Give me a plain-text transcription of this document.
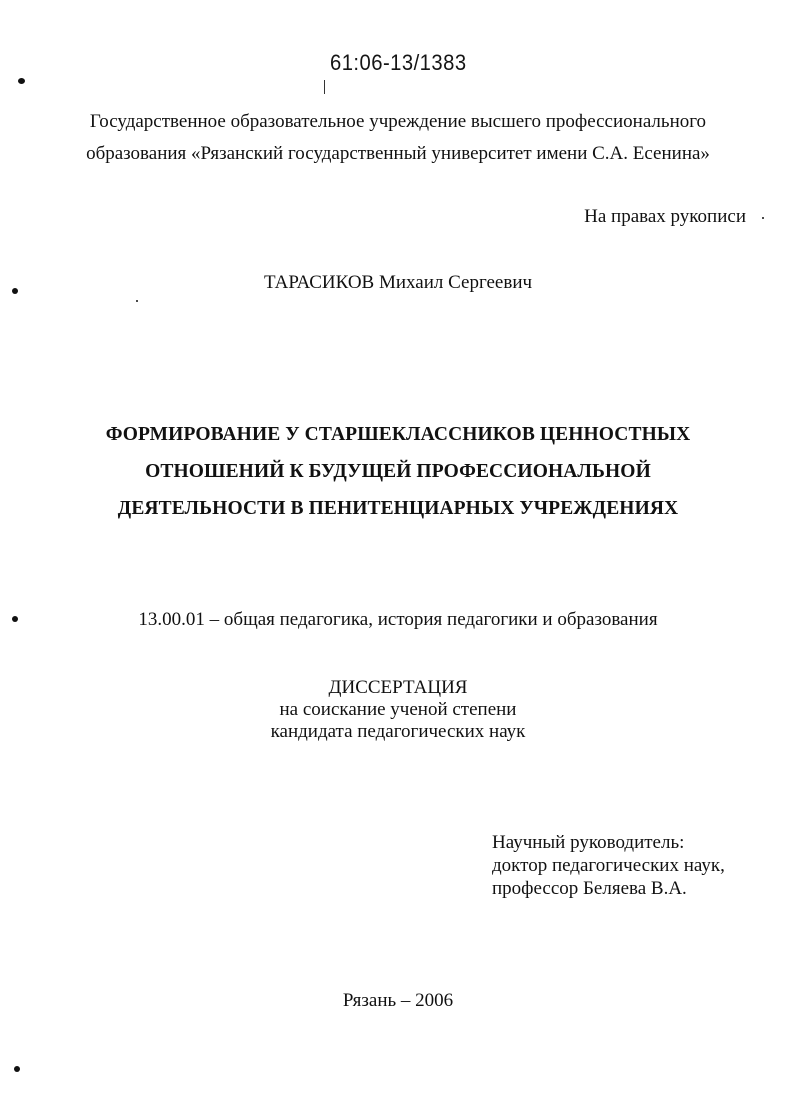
61:06-13/1383
Государственное образовательное учреждение высшего профессионального
образования «Рязанский государственный университет имени С.А. Есенина»
На правах рукописи
ТАРАСИКОВ Михаил Сергеевич
ФОРМИРОВАНИЕ У СТАРШЕКЛАССНИКОВ ЦЕННОСТНЫХ
ОТНОШЕНИЙ К БУДУЩЕЙ ПРОФЕССИОНАЛЬНОЙ
ДЕЯТЕЛЬНОСТИ В ПЕНИТЕНЦИАРНЫХ УЧРЕЖДЕНИЯХ
13.00.01 – общая педагогика, история педагогики и образования
ДИССЕРТАЦИЯ
на соискание ученой степени
кандидата педагогических наук
Научный руководитель:
доктор педагогических наук,
профессор Беляева В.А.
Рязань – 2006
